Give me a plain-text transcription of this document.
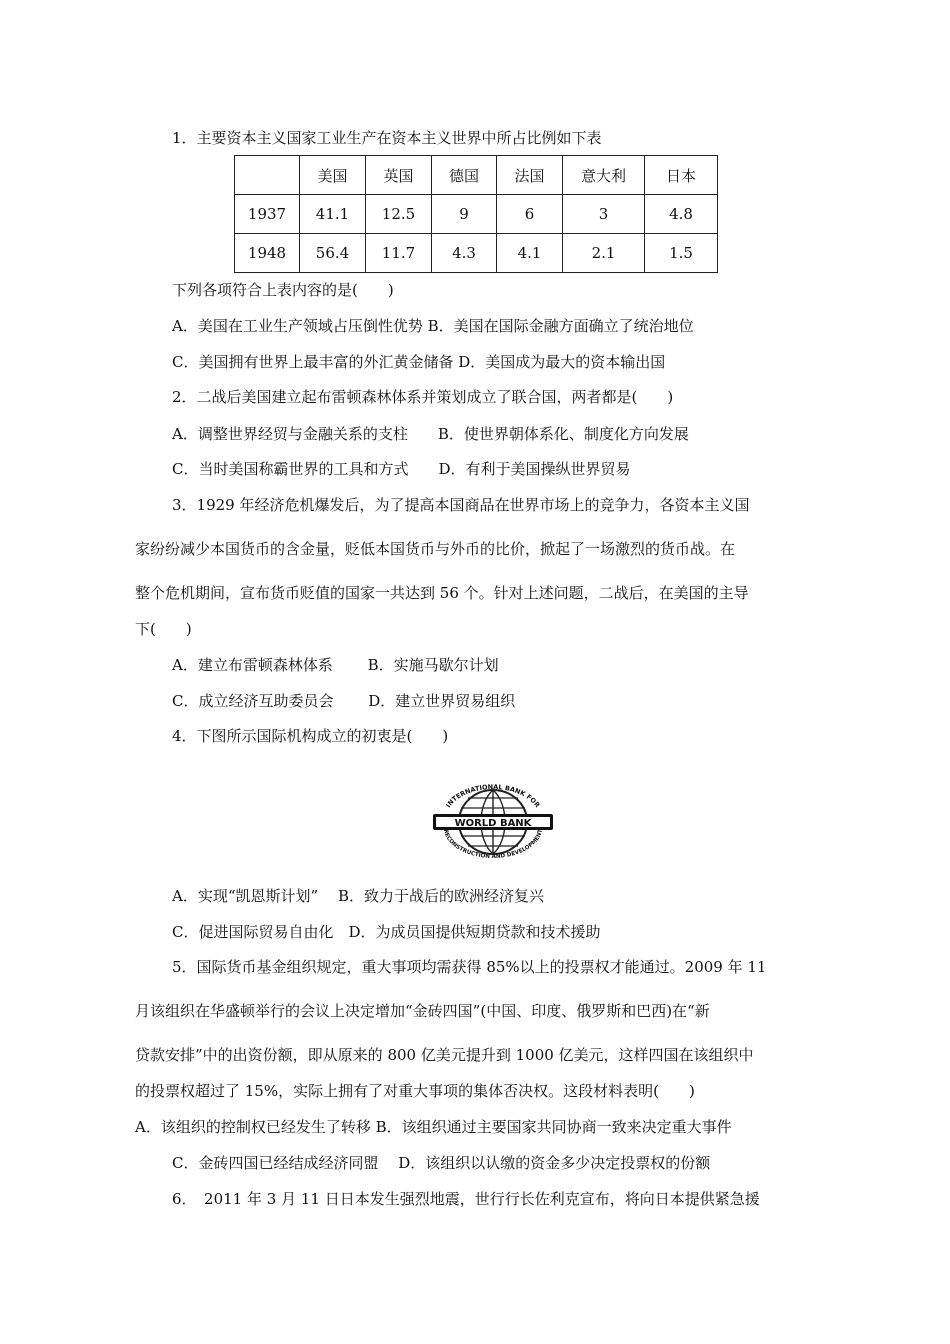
1．主要资本主义国家工业生产在资本主义世界中所占比例如下表
	美国	英国	德国	法国	意大利	日本
1937	41.1	12.5	9	6	3	4.8
1948	56.4	11.7	4.3	4.1	2.1	1.5
下列各项符合上表内容的是(　　)
A．美国在工业生产领域占压倒性优势 B．美国在国际金融方面确立了统治地位
C．美国拥有世界上最丰富的外汇黄金储备 D．美国成为最大的资本输出国
2．二战后美国建立起布雷顿森林体系并策划成立了联合国，两者都是(　　)
A．调整世界经贸与金融关系的支柱　　B．使世界朝体系化、制度化方向发展
C．当时美国称霸世界的工具和方式　　D．有利于美国操纵世界贸易
3．1929 年经济危机爆发后，为了提高本国商品在世界市场上的竞争力，各资本主义国
家纷纷减少本国货币的含金量，贬低本国货币与外币的比价，掀起了一场激烈的货币战。在
整个危机期间，宣布货币贬值的国家一共达到 56 个。针对上述问题，二战后，在美国的主导
下(　　)
A．建立布雷顿森林体系　　 B．实施马歇尔计划
C．成立经济互助委员会　　 D．建立世界贸易组织
4．下图所示国际机构成立的初衷是(　　)
INTERNATIONAL BANK FOR
WORLD BANK
RECONSTRUCTION AND DEVELOPMENT
A．实现“凯恩斯计划”　 B．致力于战后的欧洲经济复兴
C．促进国际贸易自由化　D．为成员国提供短期贷款和技术援助
5．国际货币基金组织规定，重大事项均需获得 85%以上的投票权才能通过。2009 年 11
月该组织在华盛顿举行的会议上决定增加“金砖四国”(中国、印度、俄罗斯和巴西)在“新
贷款安排”中的出资份额，即从原来的 800 亿美元提升到 1000 亿美元，这样四国在该组织中
的投票权超过了 15%，实际上拥有了对重大事项的集体否决权。这段材料表明(　　)
A．该组织的控制权已经发生了转移 B．该组织通过主要国家共同协商一致来决定重大事件
C．金砖四国已经结成经济同盟　 D．该组织以认缴的资金多少决定投票权的份额
6．　2011 年 3 月 11 日日本发生强烈地震，世行行长佐利克宣布，将向日本提供紧急援
